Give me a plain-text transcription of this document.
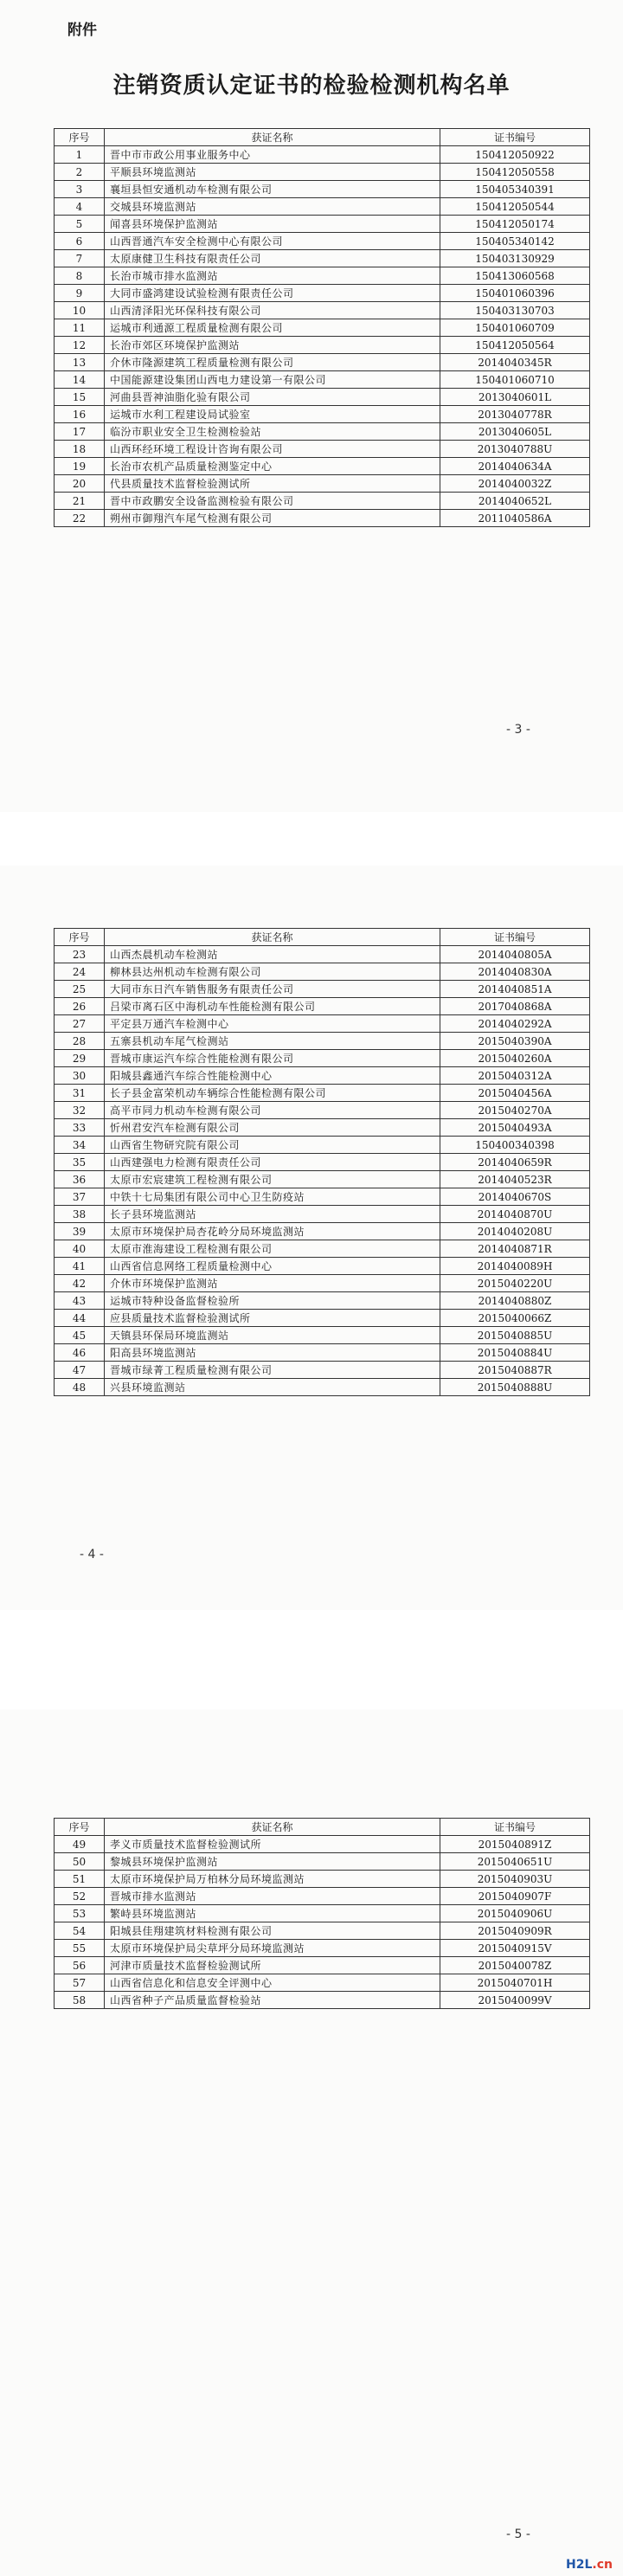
附件
注销资质认定证书的检验检测机构名单
序号	获证名称	证书编号
1	晋中市市政公用事业服务中心	150412050922
2	平顺县环境监测站	150412050558
3	襄垣县恒安通机动车检测有限公司	150405340391
4	交城县环境监测站	150412050544
5	闻喜县环境保护监测站	150412050174
6	山西晋通汽车安全检测中心有限公司	150405340142
7	太原康健卫生科技有限责任公司	150403130929
8	长治市城市排水监测站	150413060568
9	大同市盛鸿建设试验检测有限责任公司	150401060396
10	山西清泽阳光环保科技有限公司	150403130703
11	运城市利通源工程质量检测有限公司	150401060709
12	长治市郊区环境保护监测站	150412050564
13	介休市隆源建筑工程质量检测有限公司	2014040345R
14	中国能源建设集团山西电力建设第一有限公司	150401060710
15	河曲县晋神油脂化验有限公司	2013040601L
16	运城市水利工程建设局试验室	2013040778R
17	临汾市职业安全卫生检测检验站	2013040605L
18	山西环经环境工程设计咨询有限公司	2013040788U
19	长治市农机产品质量检测鉴定中心	2014040634A
20	代县质量技术监督检验测试所	2014040032Z
21	晋中市政鹏安全设备监测检验有限公司	2014040652L
22	朔州市御翔汽车尾气检测有限公司	2011040586A
- 3 -
序号	获证名称	证书编号
23	山西杰晨机动车检测站	2014040805A
24	柳林县达州机动车检测有限公司	2014040830A
25	大同市东日汽车销售服务有限责任公司	2014040851A
26	吕梁市离石区中海机动车性能检测有限公司	2017040868A
27	平定县万通汽车检测中心	2014040292A
28	五寨县机动车尾气检测站	2015040390A
29	晋城市康运汽车综合性能检测有限公司	2015040260A
30	阳城县鑫通汽车综合性能检测中心	2015040312A
31	长子县金富荣机动车辆综合性能检测有限公司	2015040456A
32	高平市同力机动车检测有限公司	2015040270A
33	忻州君安汽车检测有限公司	2015040493A
34	山西省生物研究院有限公司	150400340398
35	山西建强电力检测有限责任公司	2014040659R
36	太原市宏宸建筑工程检测有限公司	2014040523R
37	中铁十七局集团有限公司中心卫生防疫站	2014040670S
38	长子县环境监测站	2014040870U
39	太原市环境保护局杏花岭分局环境监测站	2014040208U
40	太原市淮海建设工程检测有限公司	2014040871R
41	山西省信息网络工程质量检测中心	2014040089H
42	介休市环境保护监测站	2015040220U
43	运城市特种设备监督检验所	2014040880Z
44	应县质量技术监督检验测试所	2015040066Z
45	天镇县环保局环境监测站	2015040885U
46	阳高县环境监测站	2015040884U
47	晋城市绿菁工程质量检测有限公司	2015040887R
48	兴县环境监测站	2015040888U
- 4 -
序号	获证名称	证书编号
49	孝义市质量技术监督检验测试所	2015040891Z
50	黎城县环境保护监测站	2015040651U
51	太原市环境保护局万柏林分局环境监测站	2015040903U
52	晋城市排水监测站	2015040907F
53	繁峙县环境监测站	2015040906U
54	阳城县佳翔建筑材料检测有限公司	2015040909R
55	太原市环境保护局尖草坪分局环境监测站	2015040915V
56	河津市质量技术监督检验测试所	2015040078Z
57	山西省信息化和信息安全评测中心	2015040701H
58	山西省种子产品质量监督检验站	2015040099V
- 5 -
H2L.cn
